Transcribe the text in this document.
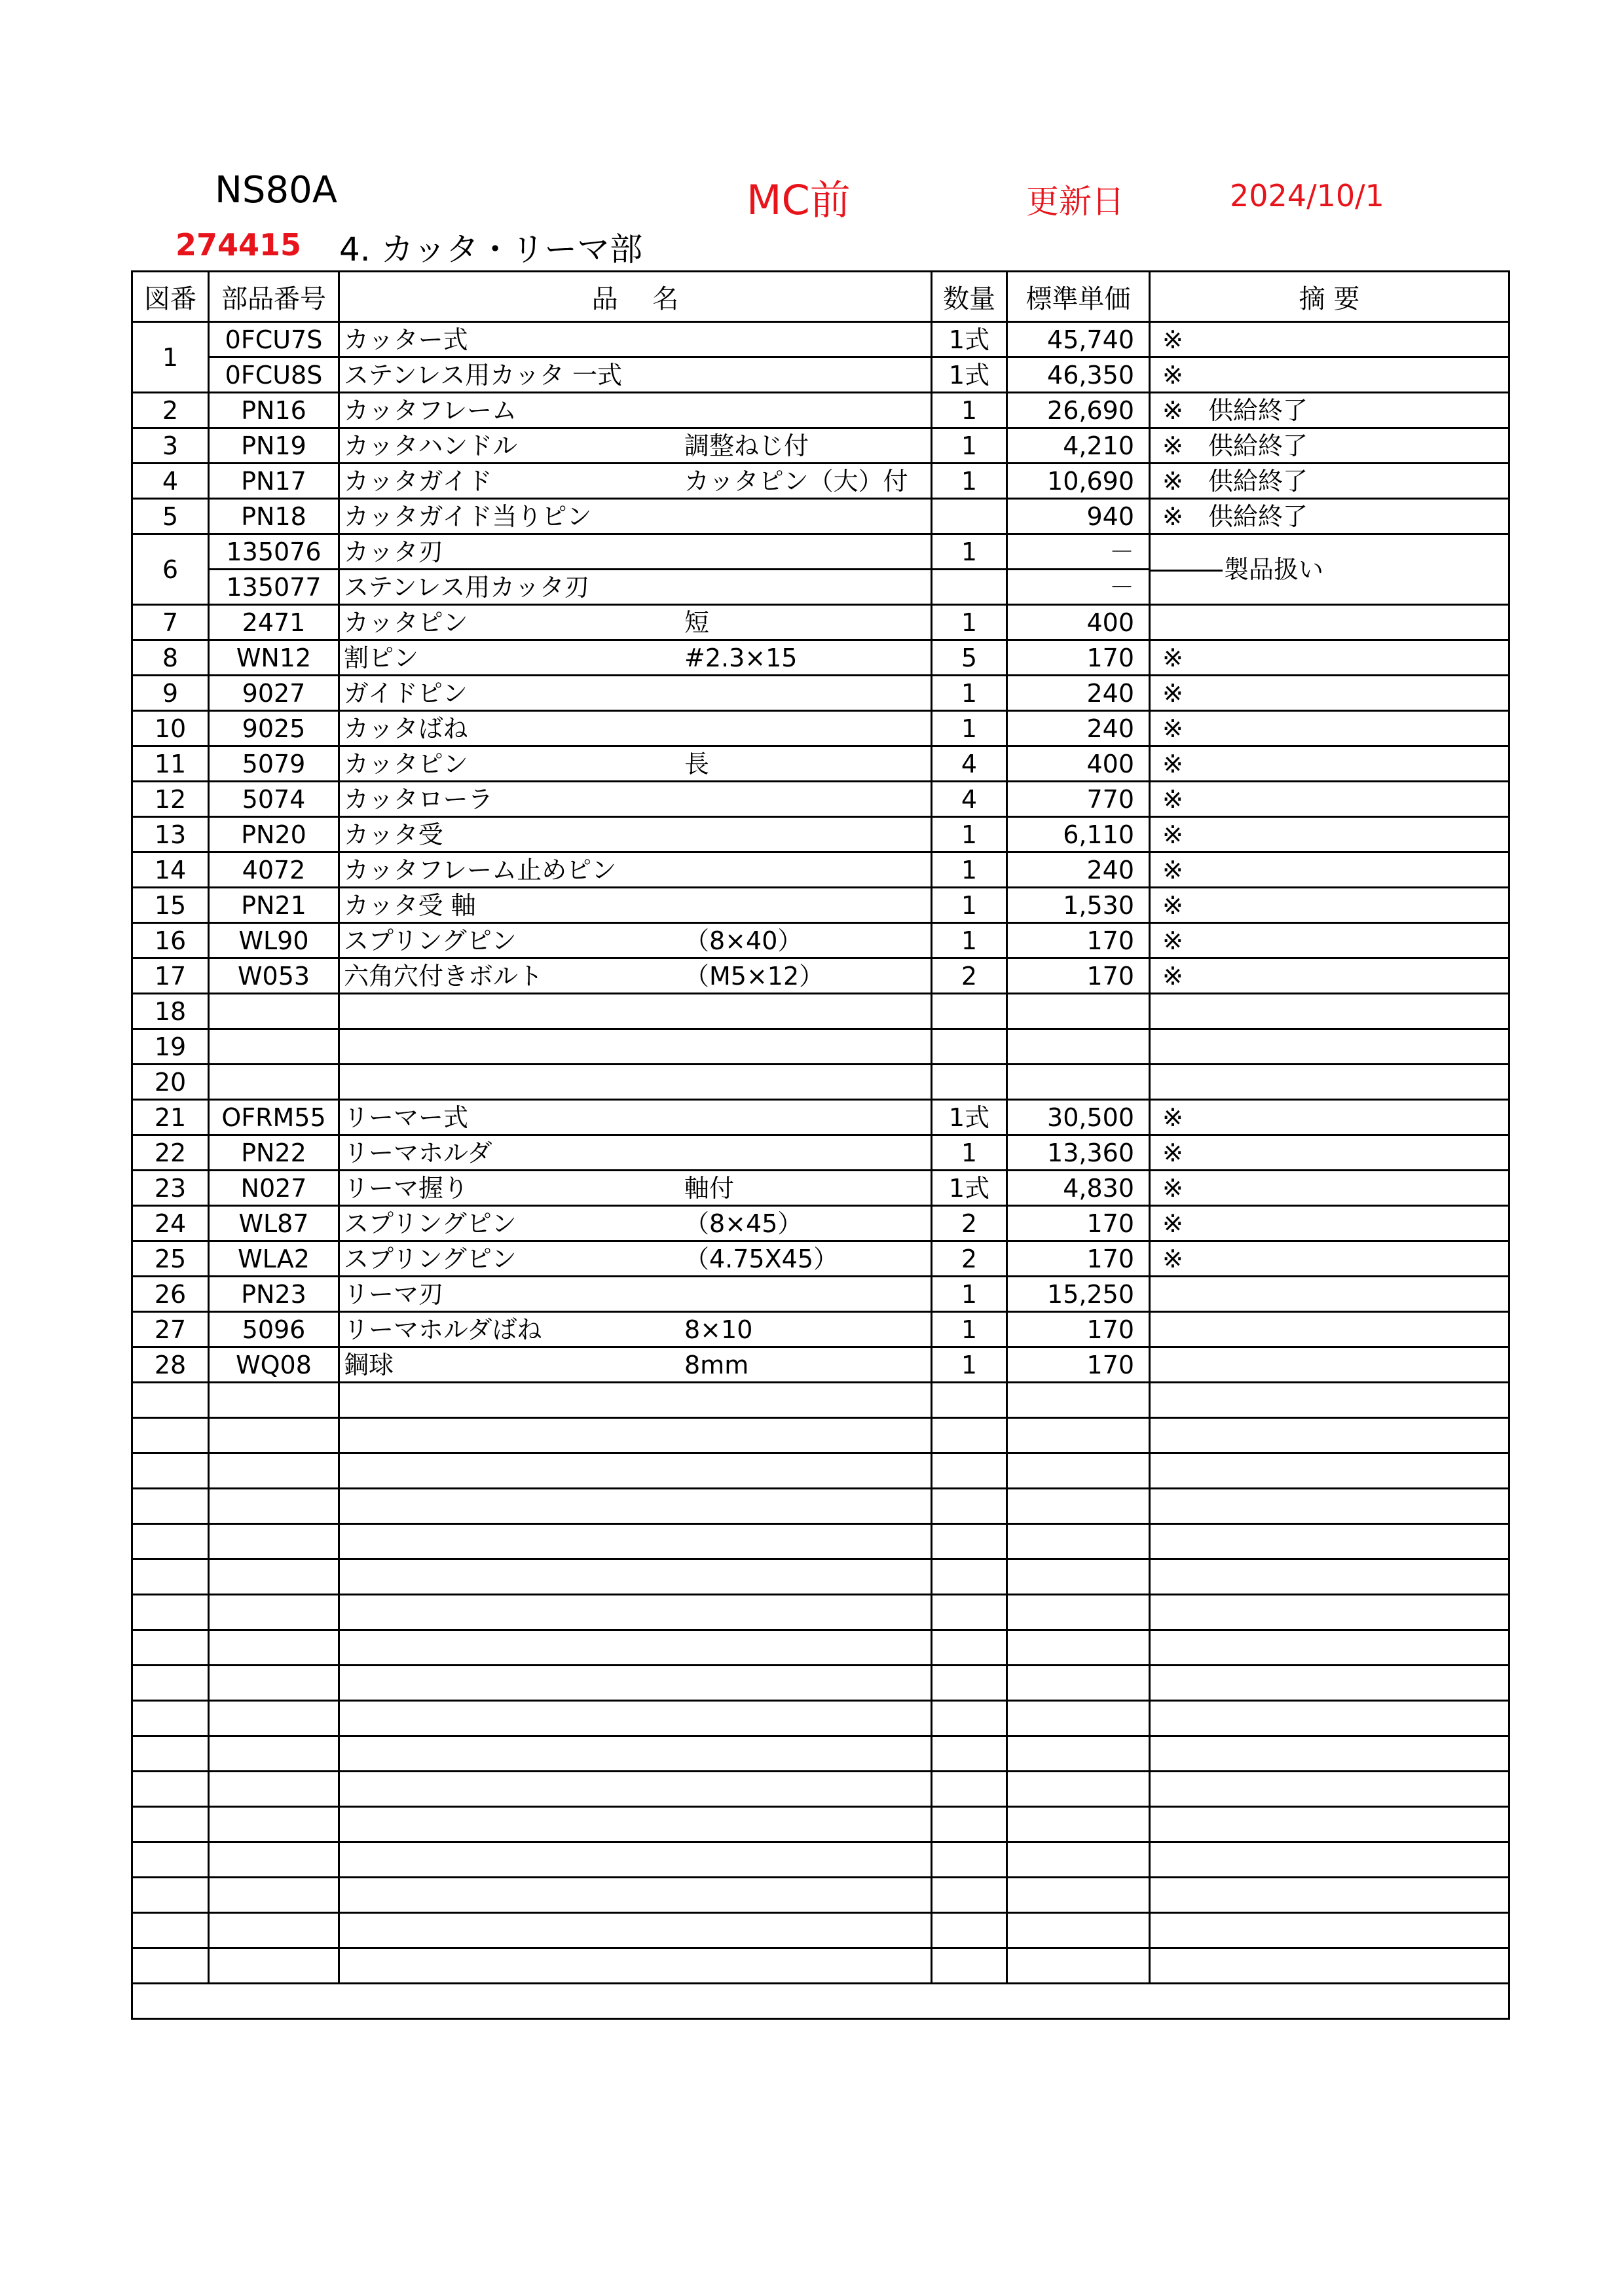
NS80A	MC前	更新日	2024/10/1
274415 4. カッタ・リーマ部
図番	部品番号	品　 名	数量	標準単価	摘 要
1	0FCU7S	カッター式	1式	45,740	※
	0FCU8S	ステンレス用カッタ 一式	1式	46,350	※
2	PN16	カッタフレーム	1	26,690	※ 供給終了
3	PN19	カッタハンドル 調整ねじ付	1	4,210	※ 供給終了
4	PN17	カッタガイド カッタピン（大）付	1	10,690	※ 供給終了
5	PN18	カッタガイド当りピン		940	※ 供給終了
6	135076	カッタ刃	1	－	製品扱い

	135077	ステンレス用カッタ刃		－	
7	2471	カッタピン 短	1	400	
8	WN12	割ピン #2.3×15	5	170	※
9	9027	ガイドピン	1	240	※
10	9025	カッタばね	1	240	※
11	5079	カッタピン 長	4	400	※
12	5074	カッタローラ	4	770	※
13	PN20	カッタ受	1	6,110	※
14	4072	カッタフレーム止めピン	1	240	※
15	PN21	カッタ受 軸	1	1,530	※
16	WL90	スプリングピン （8×40）	1	170	※
17	W053	六角穴付きボルト （M5×12）	2	170	※
18					
19					
20					
21	OFRM55	リーマー式	1式	30,500	※
22	PN22	リーマホルダ	1	13,360	※
23	N027	リーマ握り 軸付	1式	4,830	※
24	WL87	スプリングピン （8×45）	2	170	※
25	WLA2	スプリングピン （4.75X45）	2	170	※
26	PN23	リーマ刃	1	15,250	
27	5096	リーマホルダばね 8×10	1	170	
28	WQ08	鋼球 8mm	1	170	
